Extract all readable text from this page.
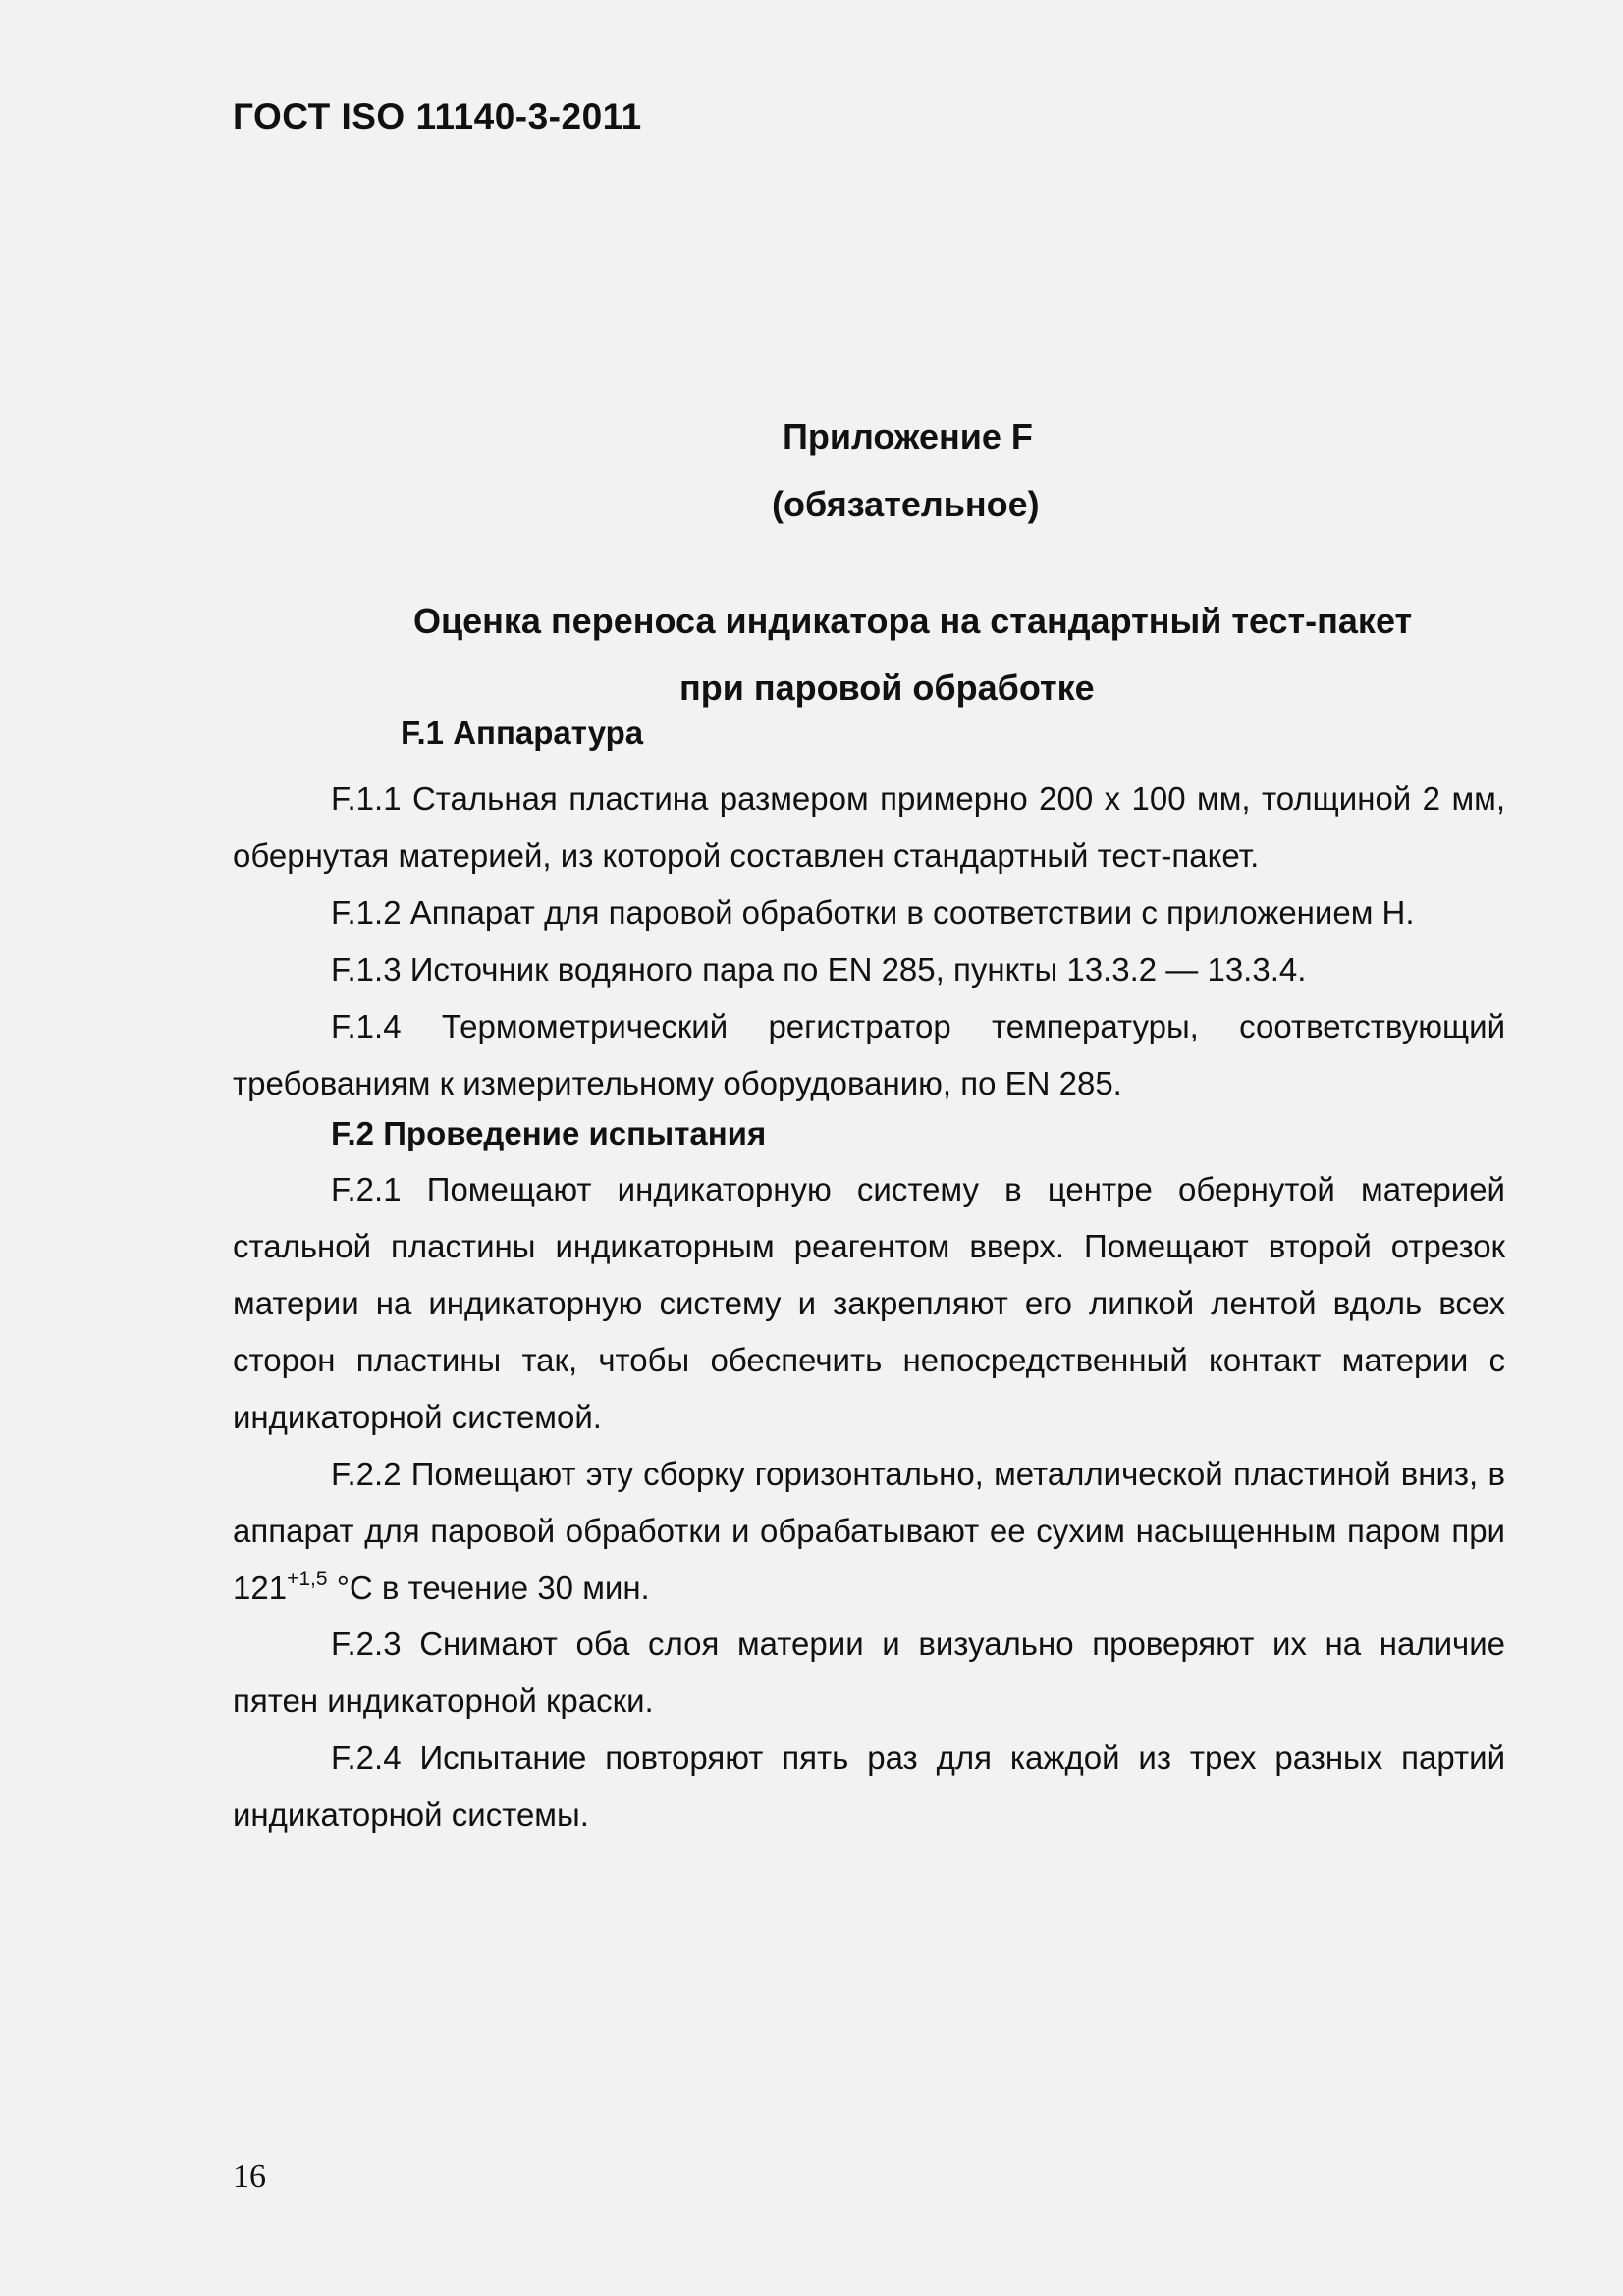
ГОСТ ISO 11140-3-2011
Приложение F
(обязательное)
Оценка переноса индикатора на стандартный тест-пакет
при паровой обработке
F.1 Аппаратура

F.1.1 Стальная пластина размером примерно 200 х 100 мм, толщиной 2 мм, обернутая материей, из которой составлен стандартный тест-пакет.

F.1.2 Аппарат для паровой обработки в соответствии с приложением Н.

F.1.3 Источник водяного пара по EN 285, пункты 13.3.2 — 13.3.4.

F.1.4 Термометрический регистратор температуры, соответствующий требованиям к измерительному оборудованию, по EN 285.

F.2 Проведение испытания

F.2.1 Помещают индикаторную систему в центре обернутой материей стальной пластины индикаторным реагентом вверх. Помещают второй отрезок материи на индикаторную систему и закрепляют его липкой лентой вдоль всех сторон пластины так, чтобы обеспечить непосредственный контакт материи с индикаторной системой.

F.2.2 Помещают эту сборку горизонтально, металлической пластиной вниз, в аппарат для паровой обработки и обрабатывают ее сухим насыщенным паром при $121^{+1,5}$ °С в течение 30 мин.

F.2.3 Снимают оба слоя материи и визуально проверяют их на наличие пятен индикаторной краски.

F.2.4 Испытание повторяют пять раз для каждой из трех разных партий индикаторной системы.

16
